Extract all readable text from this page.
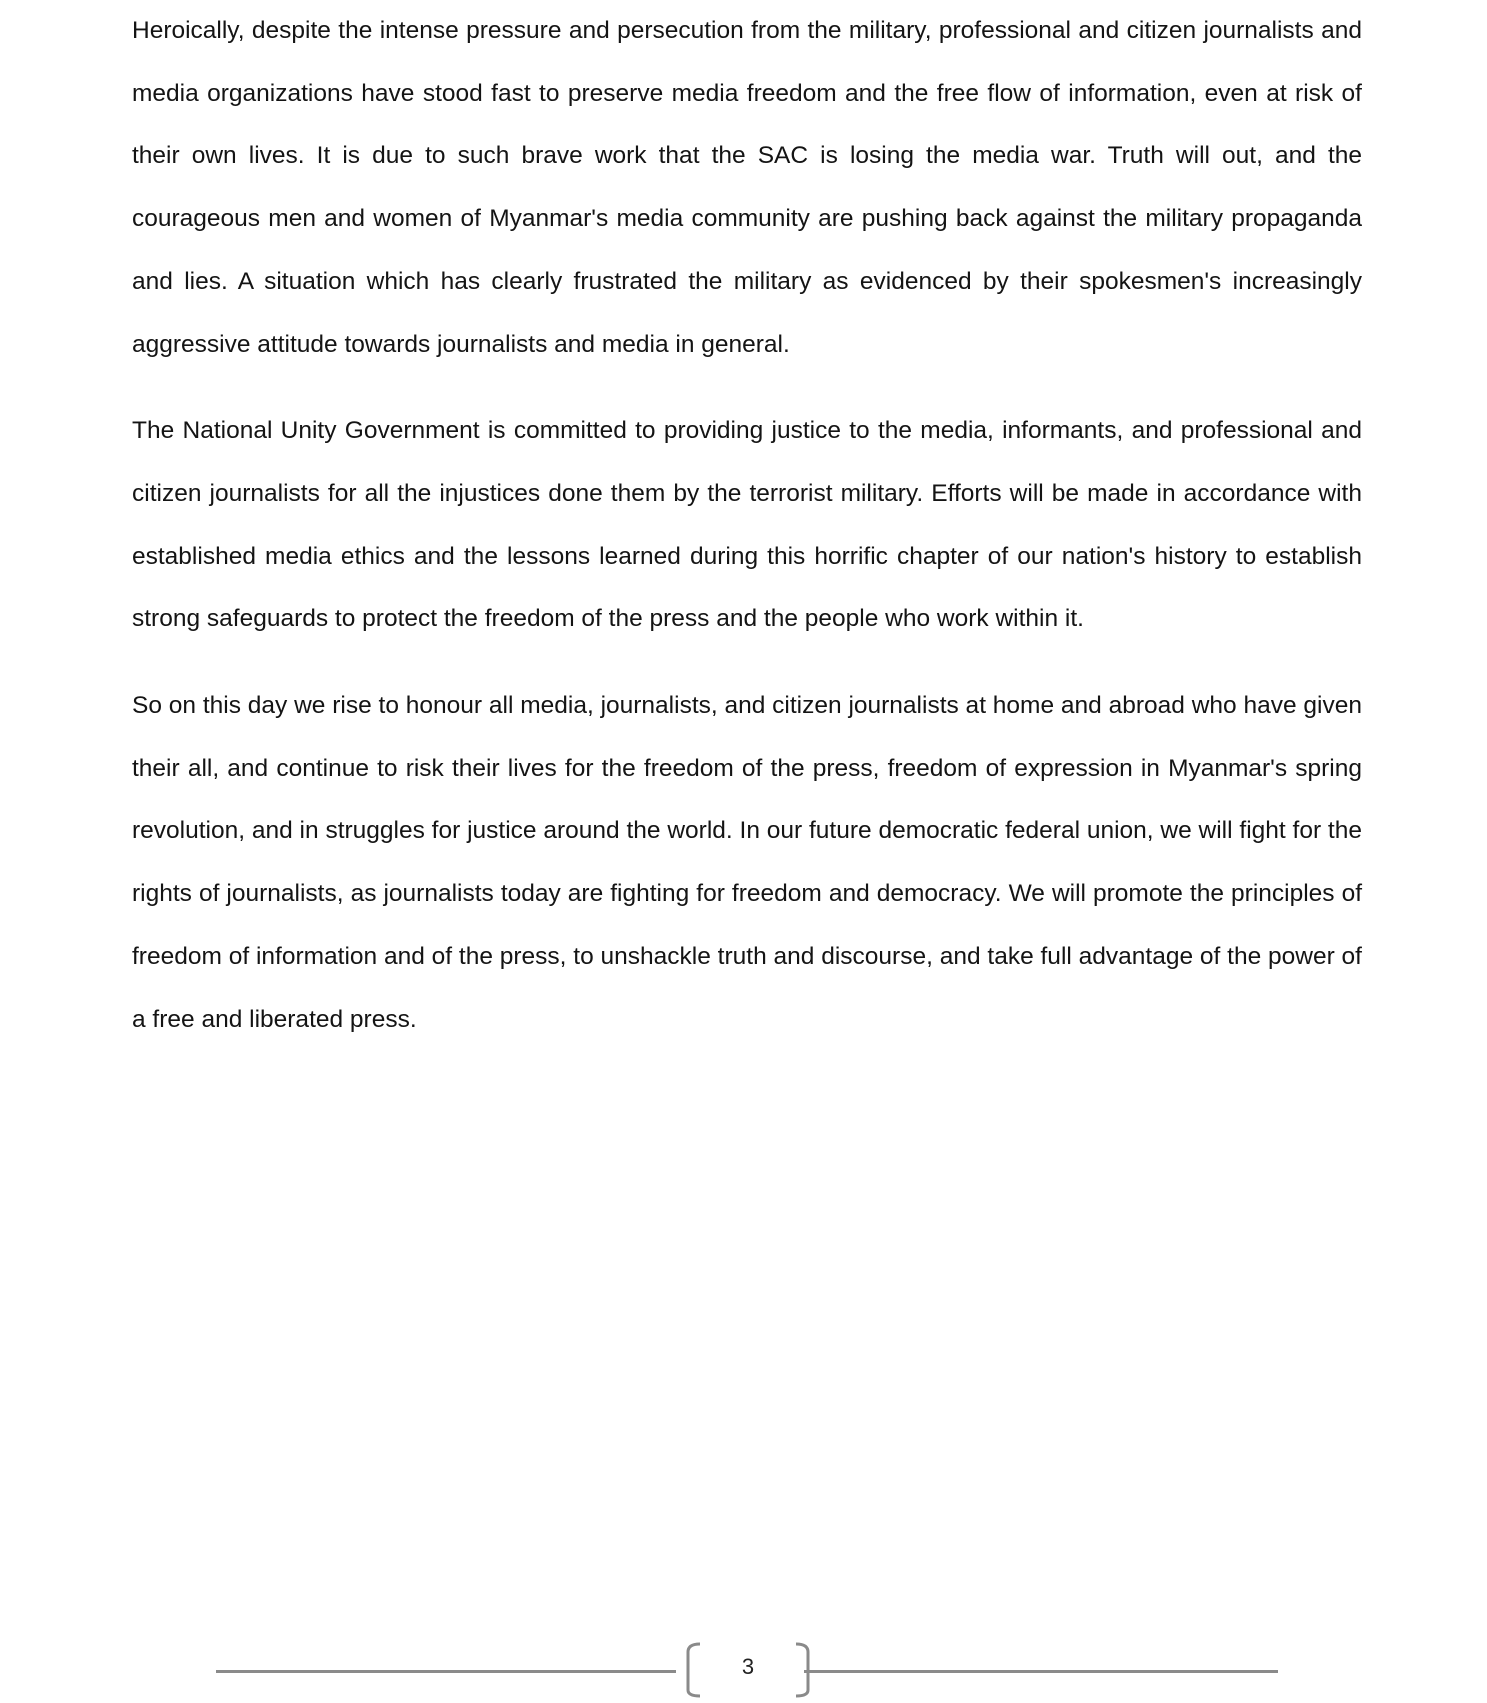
Heroically, despite the intense pressure and persecution from the military, professional and citizen journalists and media organizations have stood fast to preserve media freedom and the free flow of information, even at risk of their own lives. It is due to such brave work that the SAC is losing the media war. Truth will out, and the courageous men and women of Myanmar's media community are pushing back against the military propaganda and lies. A situation which has clearly frustrated the military as evidenced by their spokesmen's increasingly aggressive attitude towards journalists and media in general.

The National Unity Government is committed to providing justice to the media, informants, and professional and citizen journalists for all the injustices done them by the terrorist military. Efforts will be made in accordance with established media ethics and the lessons learned during this horrific chapter of our nation's history to establish strong safeguards to protect the freedom of the press and the people who work within it.

So on this day we rise to honour all media, journalists, and citizen journalists at home and abroad who have given their all, and continue to risk their lives for the freedom of the press, freedom of expression in Myanmar's spring revolution, and in struggles for justice around the world. In our future democratic federal union, we will fight for the rights of journalists, as journalists today are fighting for freedom and democracy. We will promote the principles of freedom of information and of the press, to unshackle truth and discourse, and take full advantage of the power of a free and liberated press.

3
